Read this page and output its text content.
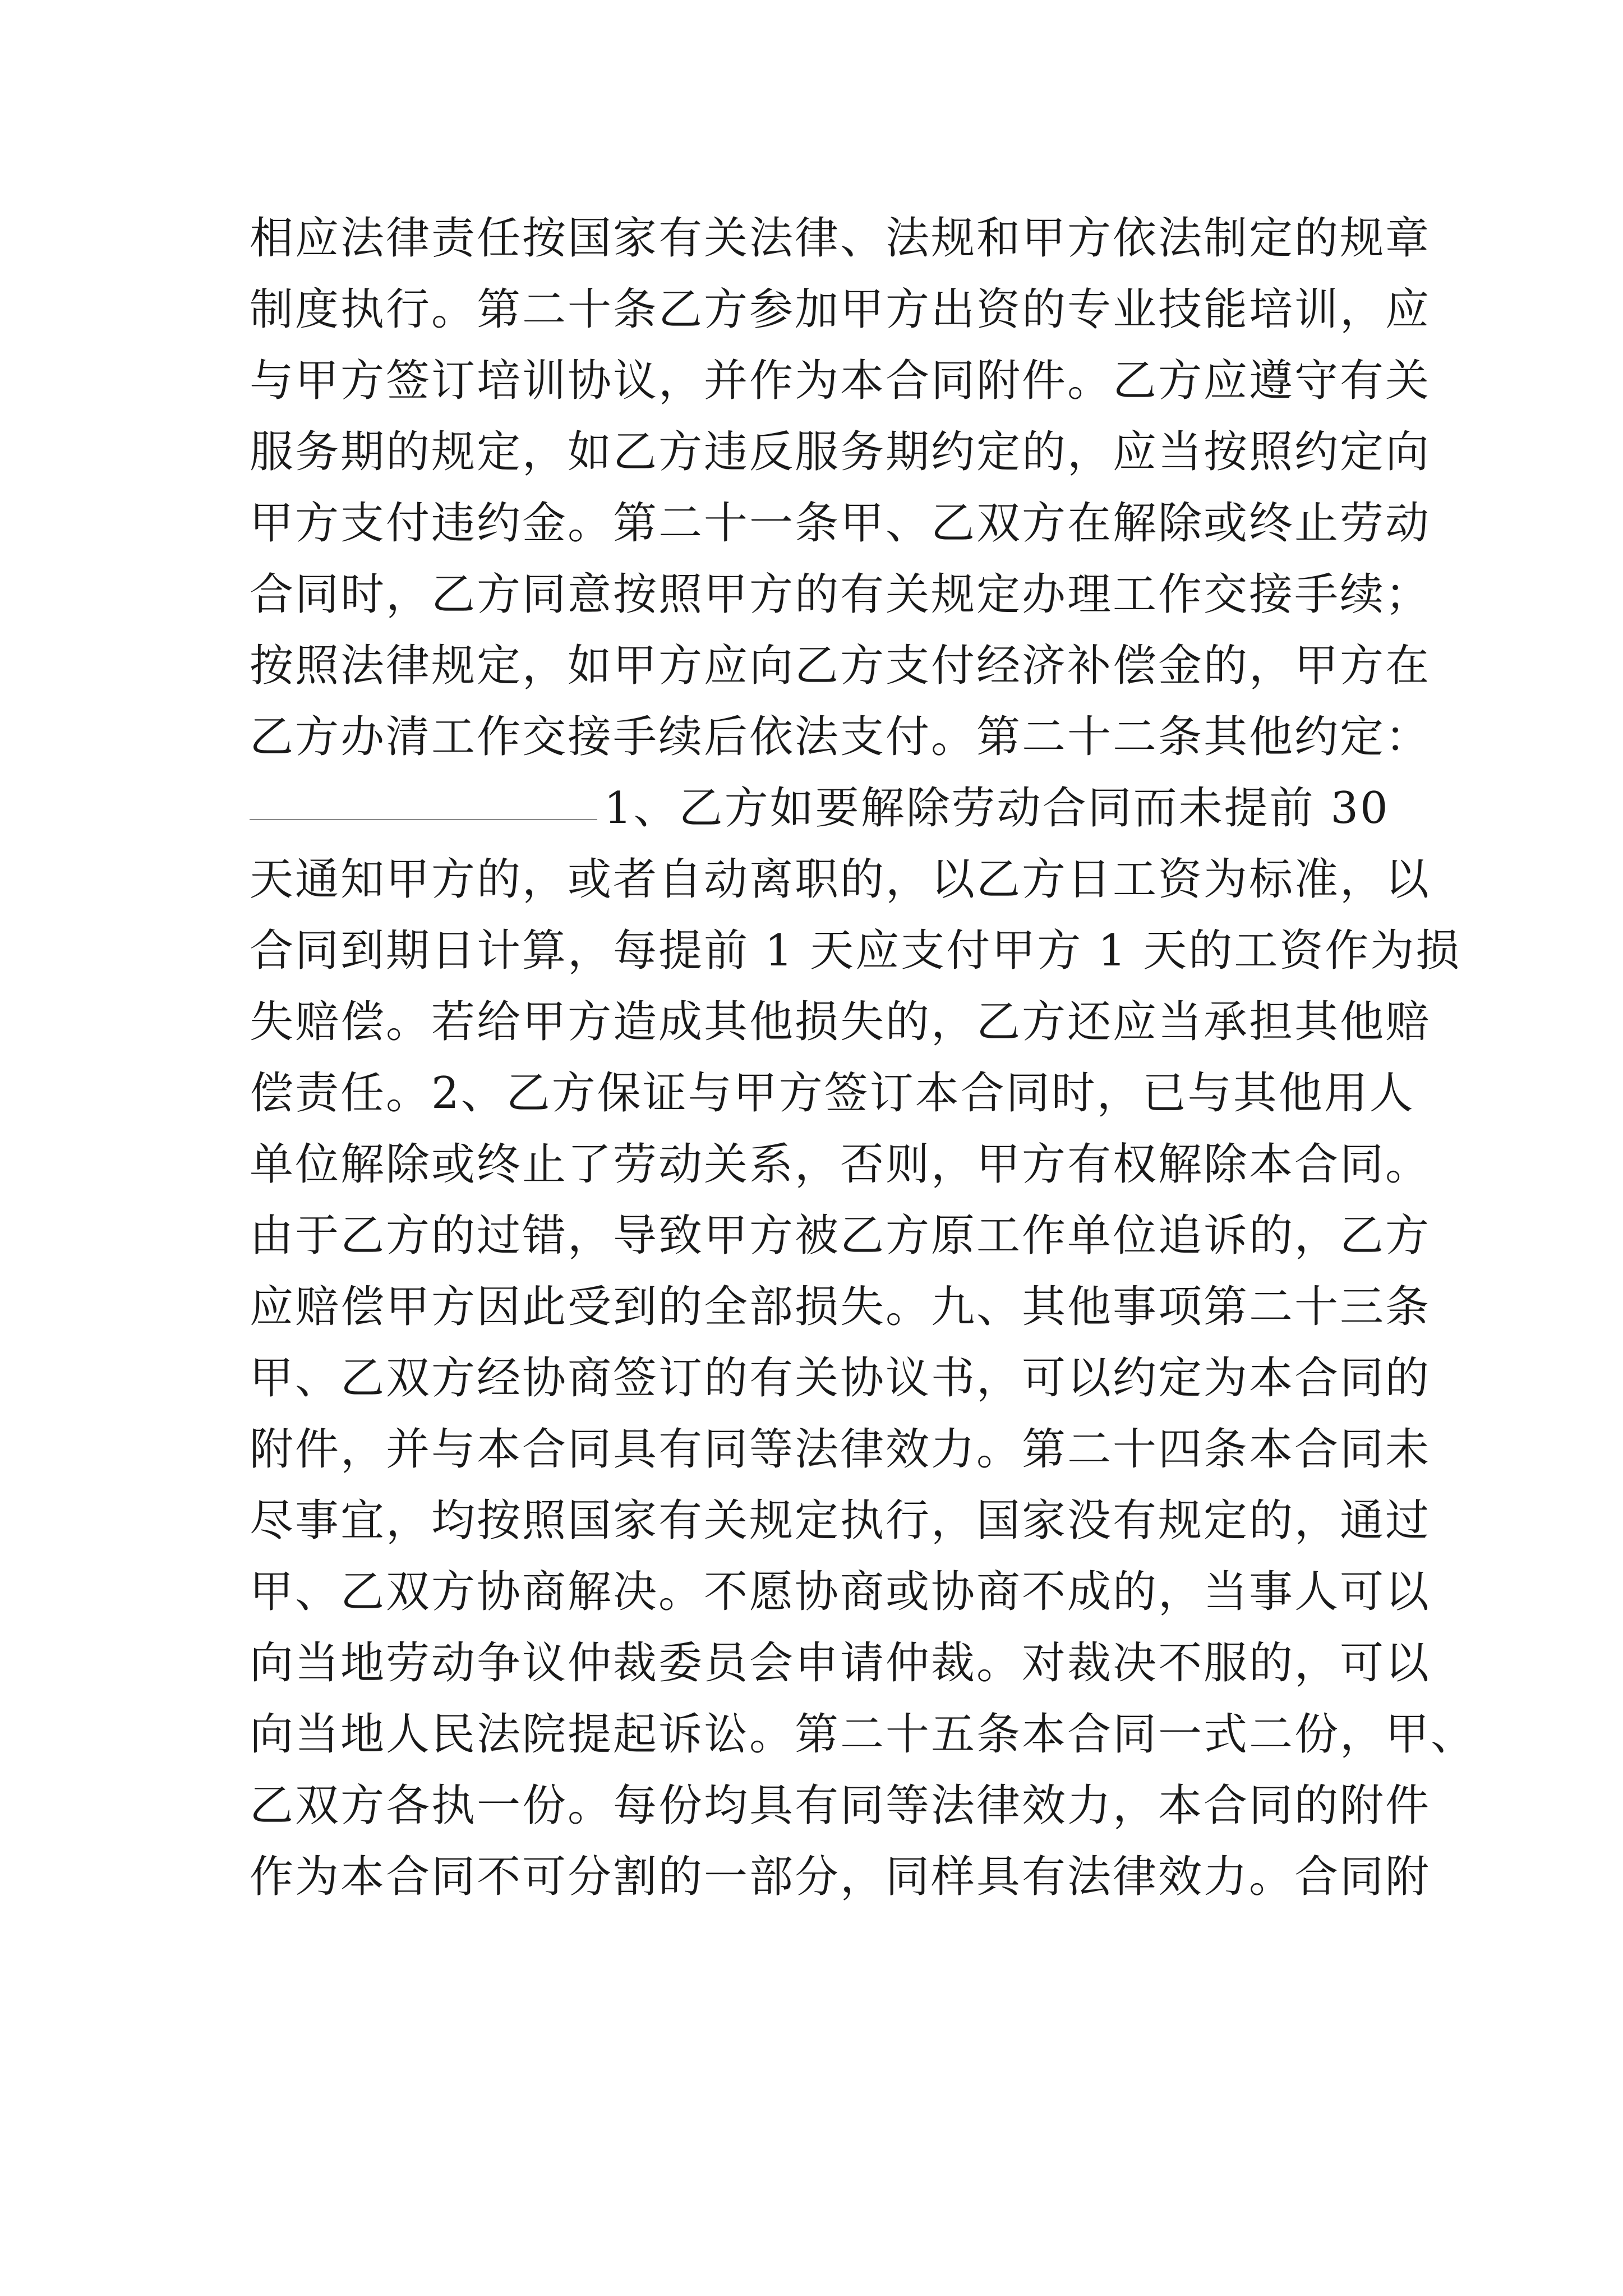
相应法律责任按国家有关法律、法规和甲方依法制定的规章
制度执行。第二十条乙方参加甲方出资的专业技能培训，应
与甲方签订培训协议，并作为本合同附件。乙方应遵守有关
服务期的规定，如乙方违反服务期约定的，应当按照约定向
甲方支付违约金。第二十一条甲、乙双方在解除或终止劳动
合同时，乙方同意按照甲方的有关规定办理工作交接手续；
按照法律规定，如甲方应向乙方支付经济补偿金的，甲方在
乙方办清工作交接手续后依法支付。第二十二条其他约定：
1、乙方如要解除劳动合同而未提前 30
天通知甲方的，或者自动离职的，以乙方日工资为标准，以
合同到期日计算，每提前 1 天应支付甲方 1 天的工资作为损
失赔偿。若给甲方造成其他损失的，乙方还应当承担其他赔
偿责任。2、乙方保证与甲方签订本合同时，已与其他用人
单位解除或终止了劳动关系，否则，甲方有权解除本合同。
由于乙方的过错，导致甲方被乙方原工作单位追诉的，乙方
应赔偿甲方因此受到的全部损失。九、其他事项第二十三条
甲、乙双方经协商签订的有关协议书，可以约定为本合同的
附件，并与本合同具有同等法律效力。第二十四条本合同未
尽事宜，均按照国家有关规定执行，国家没有规定的，通过
甲、乙双方协商解决。不愿协商或协商不成的，当事人可以
向当地劳动争议仲裁委员会申请仲裁。对裁决不服的，可以
向当地人民法院提起诉讼。第二十五条本合同一式二份，甲、
乙双方各执一份。每份均具有同等法律效力，本合同的附件
作为本合同不可分割的一部分，同样具有法律效力。合同附
